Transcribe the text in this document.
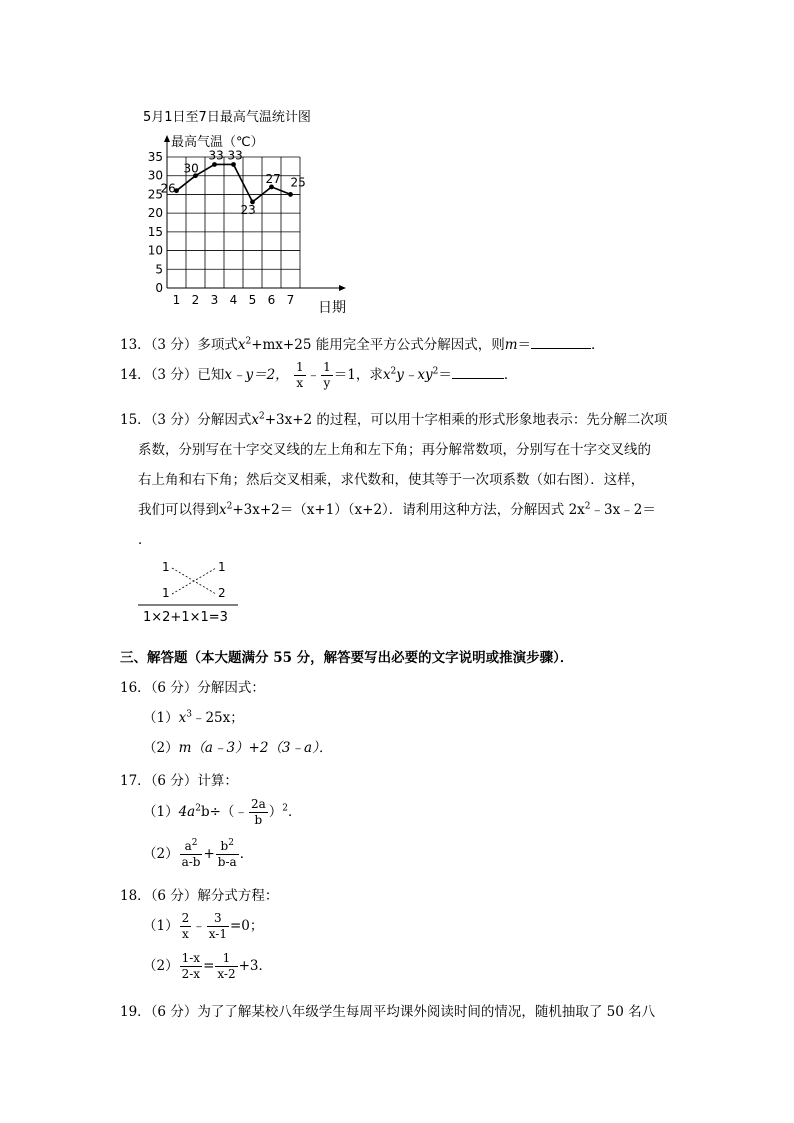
5月1日至7日最高气温统计图
0
5
10
15
20
25
30
35
1 2 3 4 5 6 7
最高气温（℃）
日期
26
30
33 33
23
27 25
13．（3 分）多项式$x^2+mx+25$ 能用完全平方公式分解因式，则m＝	．
14．（3 分）已知x﹣y＝2， $\frac{1}{x}$ ﹣ $\frac{1}{y} =1$，求$x^2y﹣xy^2=$	．
15．（3 分）分解因式$x^2+3x+2$ 的过程，可以用十字相乘的形式形象地表示：先分解二次项
系数，分别写在十字交叉线的左上角和左下角；再分解常数项，分别写在十字交叉线的
右上角和右下角；然后交叉相乘，求代数和，使其等于一次项系数（如右图）．这样，
我们可以得到$x^2+3x+2=(x+1)(x+2)$．请利用这种方法，分解因式 $2x^2﹣3x﹣2=$
．
1	1
1	2
1×2+1×1=3
三、解答题（本大题满分 55 分，解答要写出必要的文字说明或推演步骤）．
16．（6 分）分解因式：
$(1)x^3﹣25x$；
（2）m（a﹣3）+2（3﹣a）．
17．（6 分）计算：
$(1)4a^2b\div(﹣ \frac{2a}{b} )^2$．
$(2) \frac{a^2}{a-b} + \frac{b^2}{b-a}$ ．
18．（6 分）解分式方程：
$(1) \frac{2}{x}$ ﹣ $\frac{3}{x-1} =0$；
$(2) \frac{1-x}{2-x} = \frac{1}{x-2} +3$．
19．（6 分）为了了解某校八年级学生每周平均课外阅读时间的情况，随机抽取了 50 名八
